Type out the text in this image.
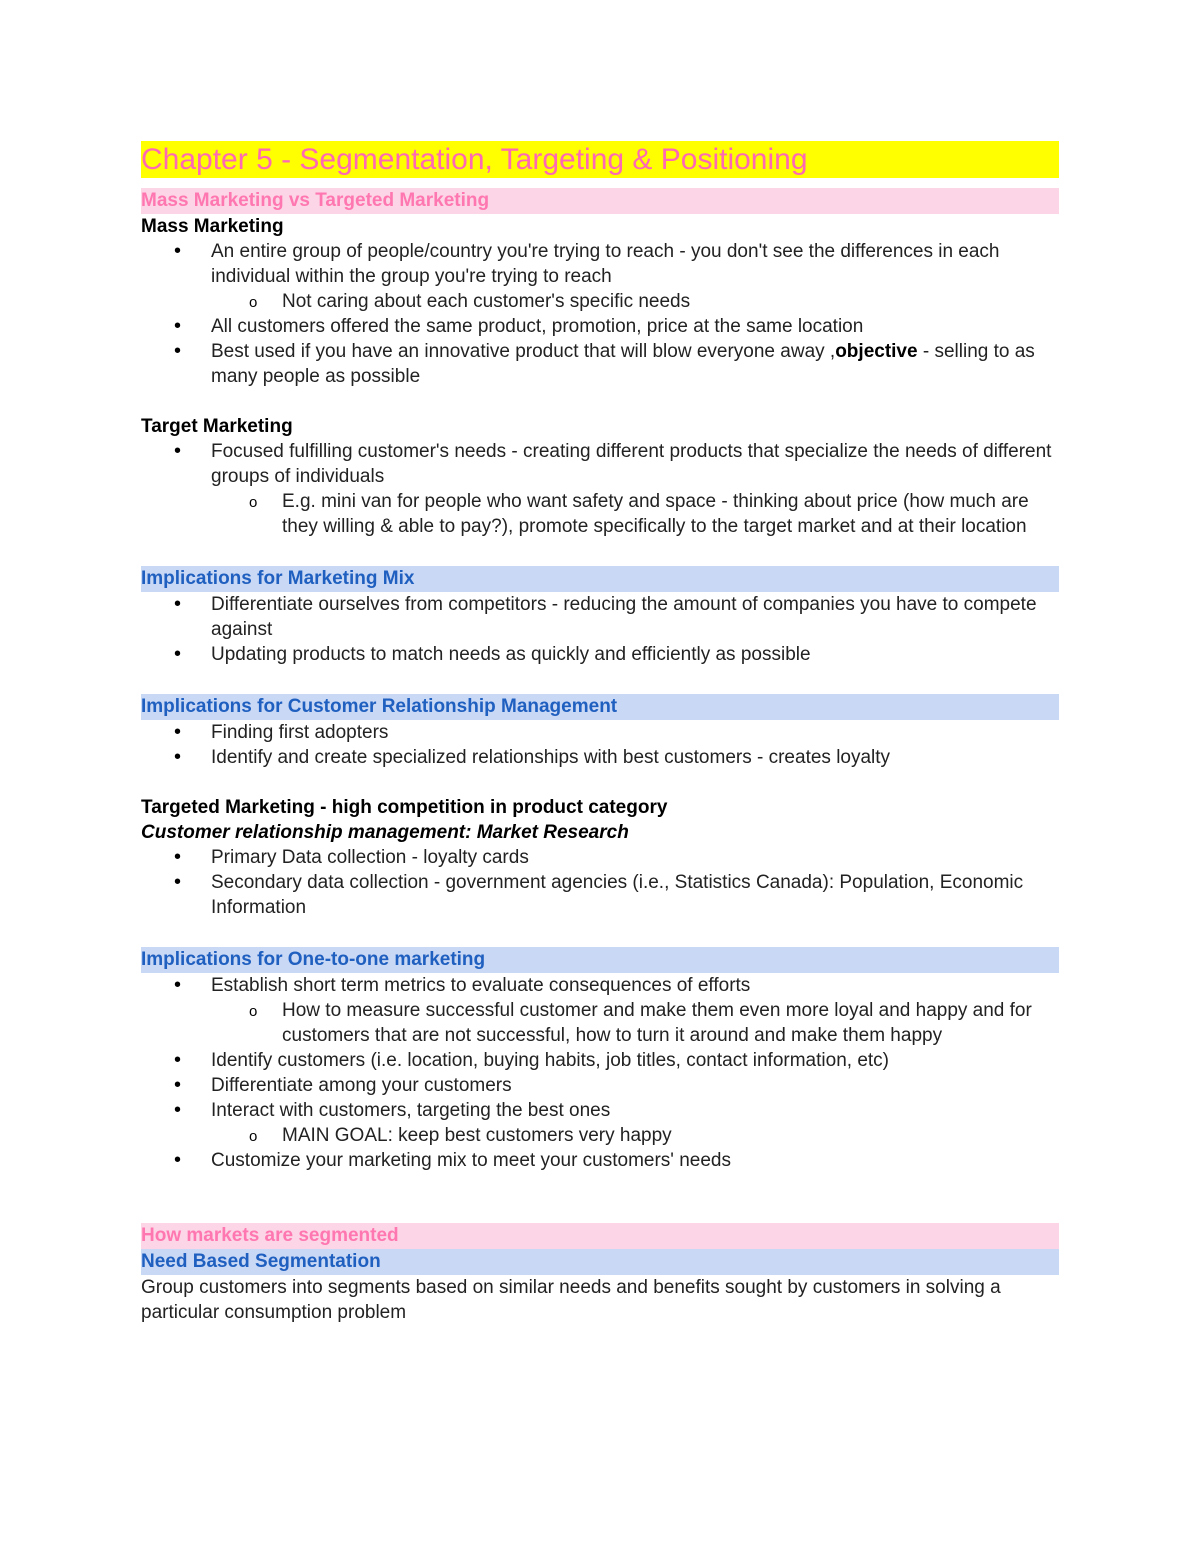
Chapter 5 - Segmentation, Targeting & Positioning
Mass Marketing vs Targeted Marketing
Mass Marketing
• An entire group of people/country you're trying to reach - you don't see the differences in each individual within the group you're trying to reach
o Not caring about each customer's specific needs
• All customers offered the same product, promotion, price at the same location
• Best used if you have an innovative product that will blow everyone away ,objective - selling to as many people as possible
Target Marketing
• Focused fulfilling customer's needs - creating different products that specialize the needs of different groups of individuals
o E.g. mini van for people who want safety and space - thinking about price (how much are they willing & able to pay?), promote specifically to the target market and at their location
Implications for Marketing Mix
• Differentiate ourselves from competitors - reducing the amount of companies you have to compete against
• Updating products to match needs as quickly and efficiently as possible
Implications for Customer Relationship Management
• Finding first adopters
• Identify and create specialized relationships with best customers - creates loyalty
Targeted Marketing - high competition in product category
Customer relationship management: Market Research
• Primary Data collection - loyalty cards
• Secondary data collection - government agencies (i.e., Statistics Canada): Population, Economic Information
Implications for One-to-one marketing
• Establish short term metrics to evaluate consequences of efforts
o How to measure successful customer and make them even more loyal and happy and for customers that are not successful, how to turn it around and make them happy
• Identify customers (i.e. location, buying habits, job titles, contact information, etc)
• Differentiate among your customers
• Interact with customers, targeting the best ones
o MAIN GOAL: keep best customers very happy
• Customize your marketing mix to meet your customers' needs
How markets are segmented
Need Based Segmentation
Group customers into segments based on similar needs and benefits sought by customers in solving a particular consumption problem
